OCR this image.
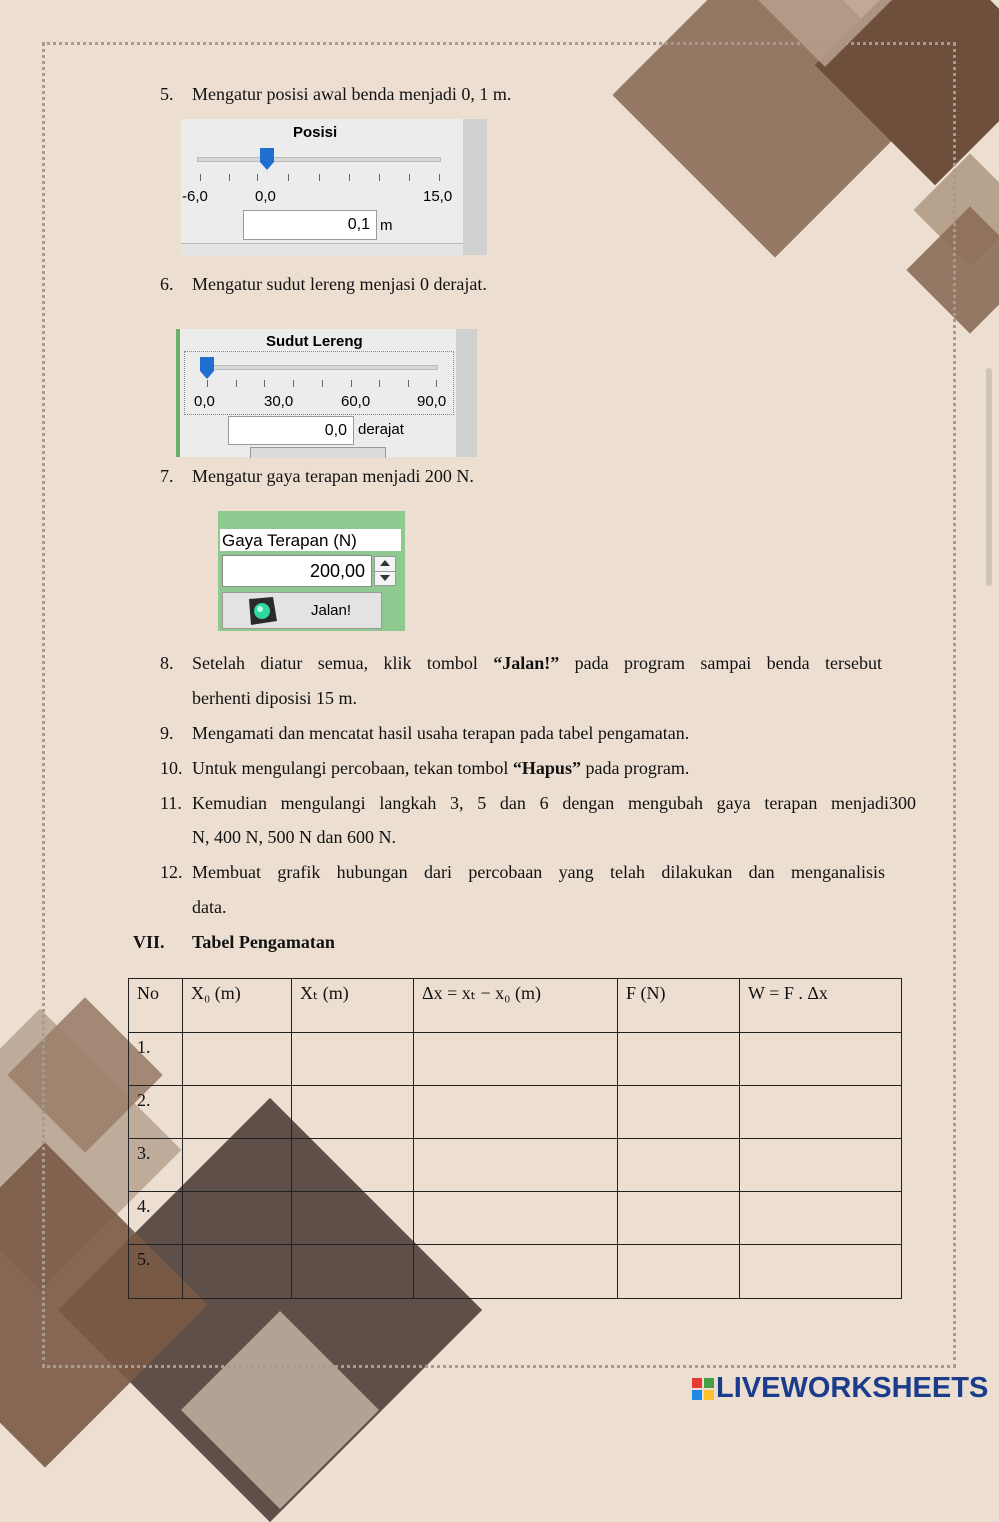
5. Mengatur posisi awal benda menjadi 0, 1 m.
Posisi
-6,0	0,0	15,0
0,1 m
6. Mengatur sudut lereng menjasi 0 derajat.
Sudut Lereng
0,0	30,0	60,0	90,0
0,0 derajat
7. Mengatur gaya terapan menjadi 200 N.
Gaya Terapan (N)
200,00
Jalan!
8. Setelah diatur semua, klik tombol “Jalan!” pada program sampai benda tersebut
berhenti diposisi 15 m.
9. Mengamati dan mencatat hasil usaha terapan pada tabel pengamatan.
10. Untuk mengulangi percobaan, tekan tombol “Hapus” pada program.
11. Kemudian mengulangi langkah 3, 5 dan 6 dengan mengubah gaya terapan menjadi300
N, 400 N, 500 N dan 600 N.
12. Membuat grafik hubungan dari percobaan yang telah dilakukan dan menganalisis
data.
VII. Tabel Pengamatan
No	X₀ (m)	Xₜ (m)	Δx = xₜ − x₀ (m)	F (N)	W = F . Δx
1.					
2.					
3.					
4.					
5.					
LIVEWORKSHEETS
